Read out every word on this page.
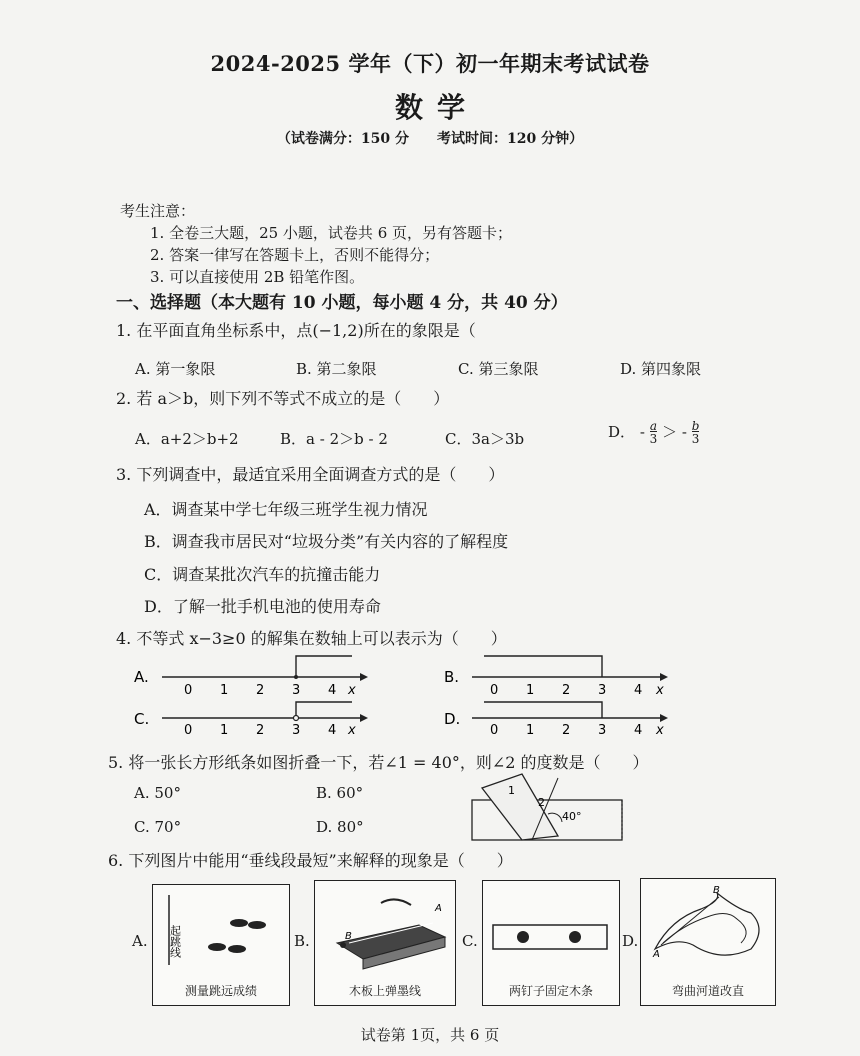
2024-2025 学年（下）初一年期末考试试卷
数学
（试卷满分：150 分　　考试时间：120 分钟）
考生注意：
1. 全卷三大题，25 小题，试卷共 6 页，另有答题卡；
2. 答案一律写在答题卡上，否则不能得分；
3. 可以直接使用 2B 铅笔作图。
一、选择题（本大题有 10 小题，每小题 4 分，共 40 分）
1. 在平面直角坐标系中，点(−1,2)所在的象限是（
A. 第一象限	B. 第二象限	C. 第三象限	D. 第四象限
2. 若 a＞b，则下列不等式不成立的是（　　）
A．a+2＞b+2	B．a - 2＞b - 2	C．3a＞3b	D． - $\frac{a}{3}$ ＞ - $\frac{b}{3}$
3. 下列调查中，最适宜采用全面调查方式的是（　　）
A．调查某中学七年级三班学生视力情况
B．调查我市居民对“垃圾分类”有关内容的了解程度
C．调查某批次汽车的抗撞击能力
D．了解一批手机电池的使用寿命
4. 不等式 x−3≥0 的解集在数轴上可以表示为（　　）
A.
0 1 2 3 4 x
B.
0 1 2 3 4 x
C.
0 1 2 3 4 x
D.
0 1 2 3 4 x
5. 将一张长方形纸条如图折叠一下，若∠1 = 40°，则∠2 的度数是（　　）
A. 50°	B. 60°
C. 70°	D. 80°
1
2
40°
6. 下列图片中能用“垂线段最短”来解释的现象是（　　）
A. 起跳线
测量跳远成绩
B.	B
A
木板上弹墨线
C.
两钉子固定木条
D.
A
B
弯曲河道改直
试卷第 1页，共 6 页
